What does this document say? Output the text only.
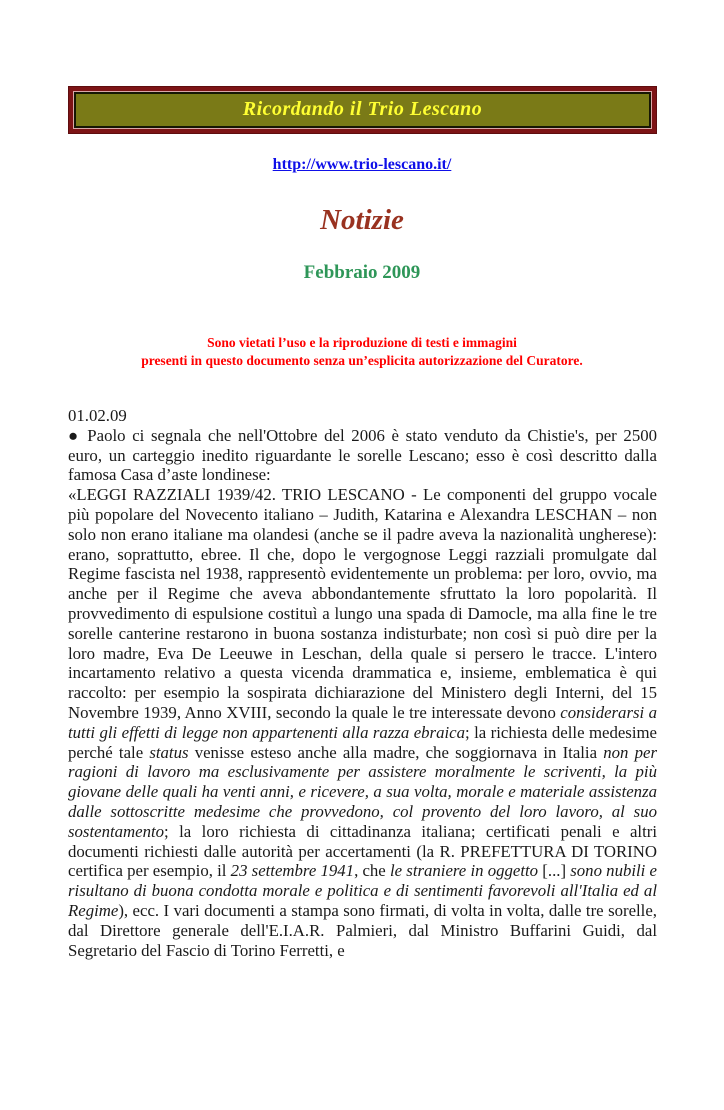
Ricordando il Trio Lescano
http://www.trio-lescano.it/
Notizie
Febbraio 2009
Sono vietati l’uso e la riproduzione di testi e immagini
presenti in questo documento senza un’esplicita autorizzazione del Curatore.
01.02.09

● Paolo ci segnala che nell'Ottobre del 2006 è stato venduto da Chistie's, per 2500 euro, un carteggio inedito riguardante le sorelle Lescano; esso è così descritto dalla famosa Casa d’aste londinese:

«LEGGI RAZZIALI 1939/42. TRIO LESCANO - Le componenti del gruppo vocale più popolare del Novecento italiano – Judith, Katarina e Alexandra LESCHAN – non solo non erano italiane ma olandesi (anche se il padre aveva la nazionalità ungherese): erano, soprattutto, ebree. Il che, dopo le vergognose Leggi razziali promulgate dal Regime fascista nel 1938, rappresentò evidentemente un problema: per loro, ovvio, ma anche per il Regime che aveva abbondantemente sfruttato la loro popolarità. Il provvedimento di espulsione costituì a lungo una spada di Damocle, ma alla fine le tre sorelle canterine restarono in buona sostanza indisturbate; non così si può dire per la loro madre, Eva De Leeuwe in Leschan, della quale si persero le tracce. L'intero incartamento relativo a questa vicenda drammatica e, insieme, emblematica è qui raccolto: per esempio la sospirata dichiarazione del Ministero degli Interni, del 15 Novembre 1939, Anno XVIII, secondo la quale le tre interessate devono considerarsi a tutti gli effetti di legge non appartenenti alla razza ebraica; la richiesta delle medesime perché tale status venisse esteso anche alla madre, che soggiornava in Italia non per ragioni di lavoro ma esclusivamente per assistere moralmente le scriventi, la più giovane delle quali ha venti anni, e ricevere, a sua volta, morale e materiale assistenza dalle sottoscritte medesime che provvedono, col provento del loro lavoro, al suo sostentamento; la loro richiesta di cittadinanza italiana; certificati penali e altri documenti richiesti dalle autorità per accertamenti (la R. PREFETTURA DI TORINO certifica per esempio, il 23 settembre 1941, che le straniere in oggetto [...] sono nubili e risultano di buona condotta morale e politica e di sentimenti favorevoli all'Italia ed al Regime), ecc. I vari documenti a stampa sono firmati, di volta in volta, dalle tre sorelle, dal Direttore generale dell'E.I.A.R. Palmieri, dal Ministro Buffarini Guidi, dal Segretario del Fascio di Torino Ferretti, e
